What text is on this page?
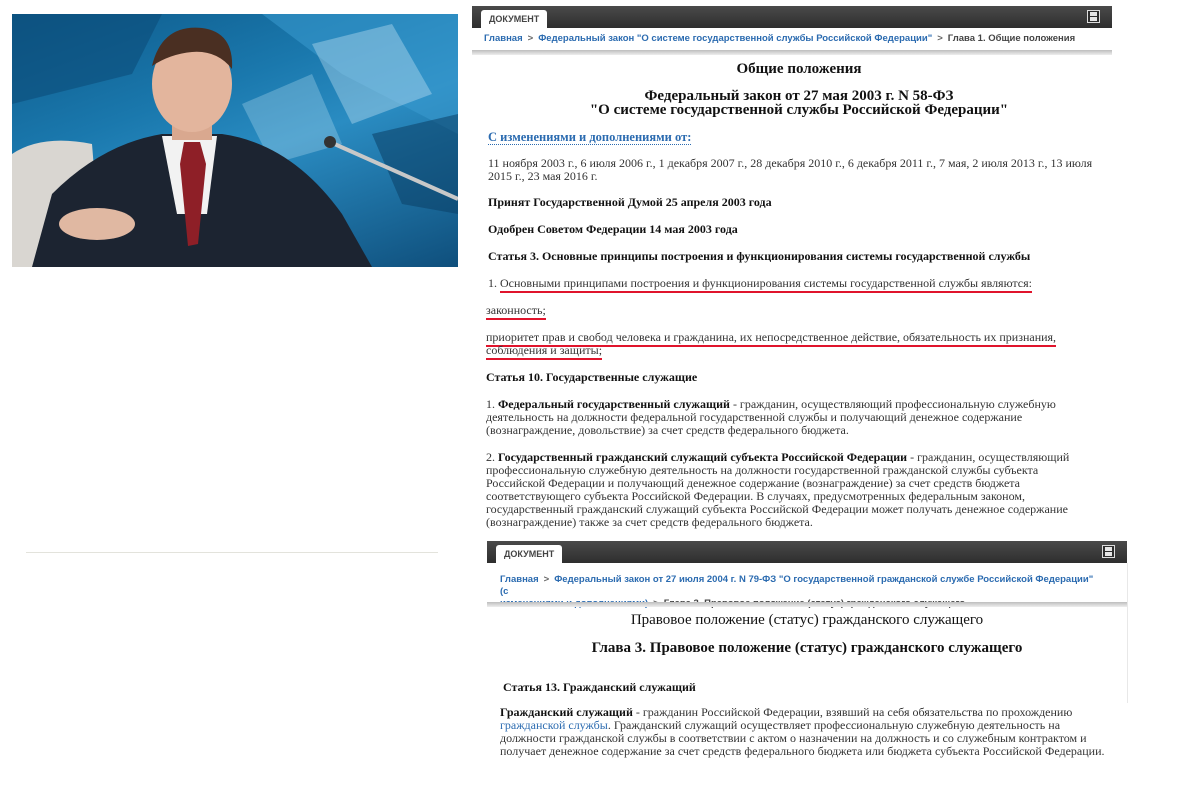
ДОКУМЕНТ
Главная > Федеральный закон "О системе государственной службы Российской Федерации" > Глава 1. Общие положения
Общие положения
Федеральный закон от 27 мая 2003 г. N 58-ФЗ
"О системе государственной службы Российской Федерации"
С изменениями и дополнениями от:
11 ноября 2003 г., 6 июля 2006 г., 1 декабря 2007 г., 28 декабря 2010 г., 6 декабря 2011 г., 7 мая, 2 июля 2013 г., 13 июля
2015 г., 23 мая 2016 г.
Принят Государственной Думой 25 апреля 2003 года
Одобрен Советом Федерации 14 мая 2003 года
Статья 3. Основные принципы построения и функционирования системы государственной службы
1. Основными принципами построения и функционирования системы государственной службы являются:
законность;
приоритет прав и свобод человека и гражданина, их непосредственное действие, обязательность их признания,
соблюдения и защиты;
Статья 10. Государственные служащие
1. Федеральный государственный служащий - гражданин, осуществляющий профессиональную служебную деятельность на должности федеральной государственной службы и получающий денежное содержание (вознаграждение, довольствие) за счет средств федерального бюджета.
2. Государственный гражданский служащий субъекта Российской Федерации - гражданин, осуществляющий профессиональную служебную деятельность на должности государственной гражданской службы субъекта Российской Федерации и получающий денежное содержание (вознаграждение) за счет средств бюджета соответствующего субъекта Российской Федерации. В случаях, предусмотренных федеральным законом, государственный гражданский служащий субъекта Российской Федерации может получать денежное содержание (вознаграждение) также за счет средств федерального бюджета.
ДОКУМЕНТ
Главная > Федеральный закон от 27 июля 2004 г. N 79-ФЗ "О государственной гражданской службе Российской Федерации" (с

Правовое положение (статус) гражданского служащего
Глава 3. Правовое положение (статус) гражданского служащего
Статья 13. Гражданский служащий
Гражданский служащий - гражданин Российской Федерации, взявший на себя обязательства по прохождению гражданской службы. Гражданский служащий осуществляет профессиональную служебную деятельность на должности гражданской службы в соответствии с актом о назначении на должность и со служебным контрактом и получает денежное содержание за счет средств федерального бюджета или бюджета субъекта Российской Федерации.
